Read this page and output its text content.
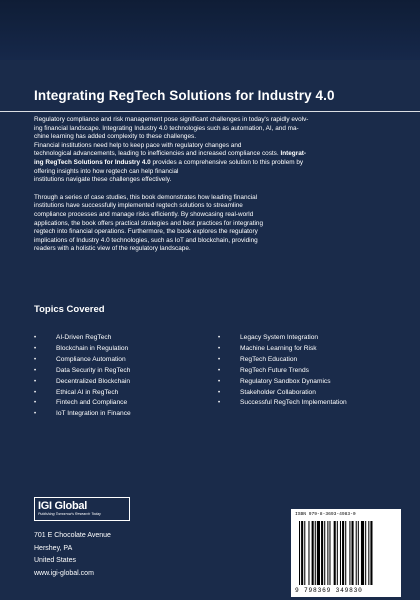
Integrating RegTech Solutions for Industry 4.0

Regulatory compliance and risk management pose significant challenges in today's rapidly evolv-
ing financial landscape. Integrating Industry 4.0 technologies such as automation, AI, and ma-
chine learning has added complexity to these challenges.
Financial institutions need help to keep pace with regulatory changes and
technological advancements, leading to inefficiencies and increased compliance costs. Integrat-
ing RegTech Solutions for Industry 4.0 provides a comprehensive solution to this problem by
offering insights into how regtech can help financial
institutions navigate these challenges effectively.

Through a series of case studies, this book demonstrates how leading financial
institutions have successfully implemented regtech solutions to streamline
compliance processes and manage risks efficiently. By showcasing real-world
applications, the book offers practical strategies and best practices for integrating
regtech into financial operations. Furthermore, the book explores the regulatory
implications of Industry 4.0 technologies, such as IoT and blockchain, providing
readers with a holistic view of the regulatory landscape.

Topics Covered
•	AI-Driven RegTech
•	Blockchain in Regulation
•	Compliance Automation
•	Data Security in RegTech
•	Decentralized Blockchain
•	Ethical AI in RegTech
•	Fintech and Compliance
•	IoT Integration in Finance
•	Legacy System Integration
•	Machine Learning for Risk
•	RegTech Education
•	RegTech Future Trends
•	Regulatory Sandbox Dynamics
•	Stakeholder Collaboration
•	Successful RegTech Implementation
IGI Global
Publishing Tomorrow's Research Today
701 E Chocolate Avenue
Hershey, PA
United States
www.igi-global.com
ISBN 979-8-3693-4983-0
9 798369 349830
